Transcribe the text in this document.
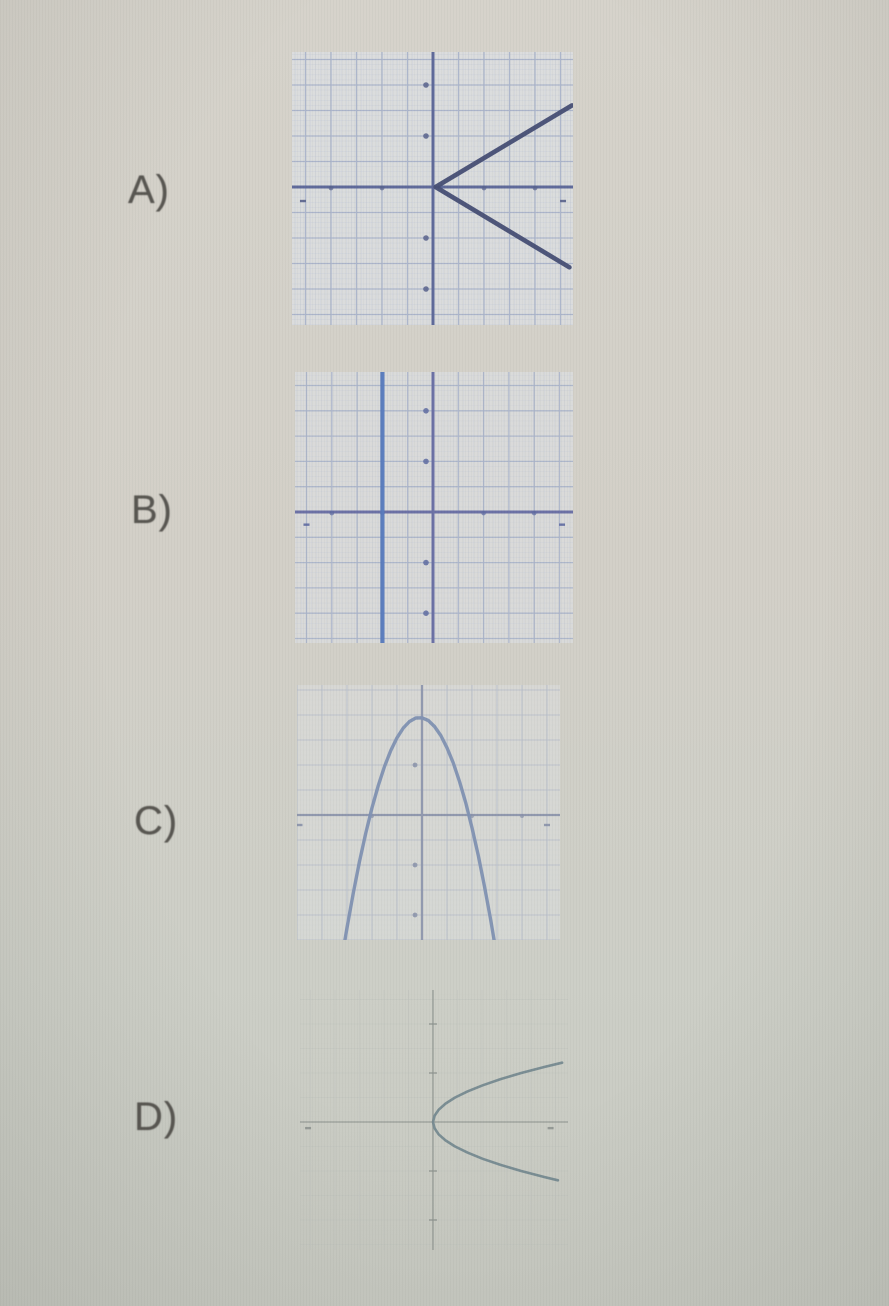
A)
B)
C)
D)
